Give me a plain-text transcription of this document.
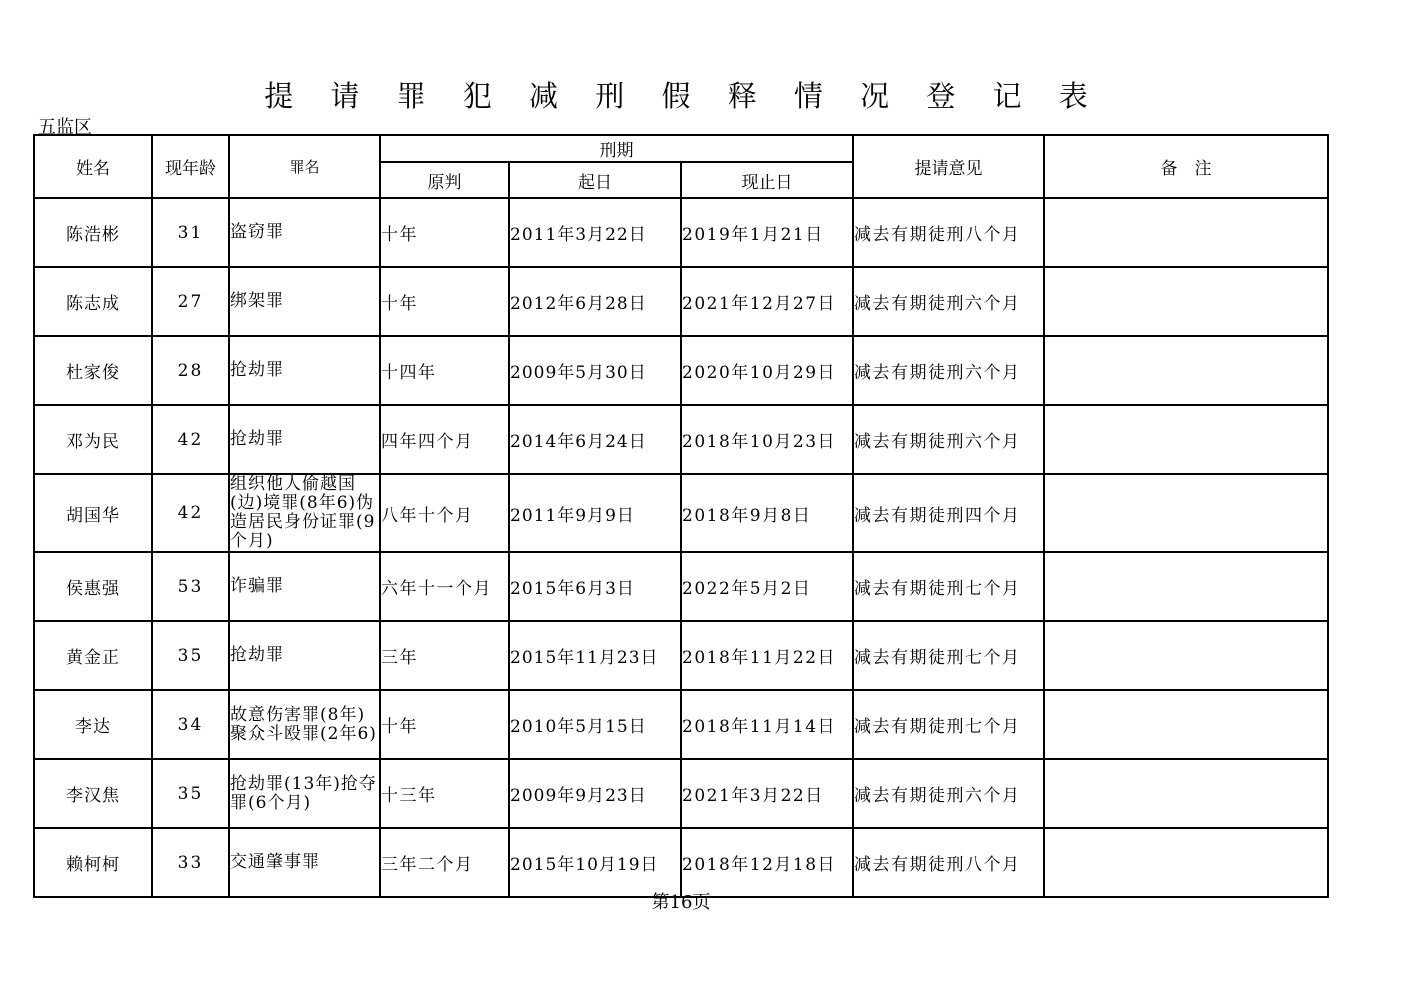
提 请 罪 犯 减 刑 假 释 情 况 登 记 表
五监区
姓名	现年龄	罪名	刑期			提请意见	备　注
			原判	起日	现止日		
陈浩彬	31	盗窃罪	十年	2011年3月22日	2019年1月21日	减去有期徒刑八个月	
陈志成	27	绑架罪	十年	2012年6月28日	2021年12月27日	减去有期徒刑六个月	
杜家俊	28	抢劫罪	十四年	2009年5月30日	2020年10月29日	减去有期徒刑六个月	
邓为民	42	抢劫罪	四年四个月	2014年6月24日	2018年10月23日	减去有期徒刑六个月	
胡国华	42	组织他人偷越国(边)境罪(8年6)伪造居民身份证罪(9个月)	八年十个月	2011年9月9日	2018年9月8日	减去有期徒刑四个月	
侯惠强	53	诈骗罪	六年十一个月	2015年6月3日	2022年5月2日	减去有期徒刑七个月	
黄金正	35	抢劫罪	三年	2015年11月23日	2018年11月22日	减去有期徒刑七个月	
李达	34	故意伤害罪(8年)聚众斗殴罪(2年6)	十年	2010年5月15日	2018年11月14日	减去有期徒刑七个月	
李汉焦	35	抢劫罪(13年)抢夺罪(6个月)	十三年	2009年9月23日	2021年3月22日	减去有期徒刑六个月	
赖柯柯	33	交通肇事罪	三年二个月	2015年10月19日	2018年12月18日	减去有期徒刑八个月	
第16页
